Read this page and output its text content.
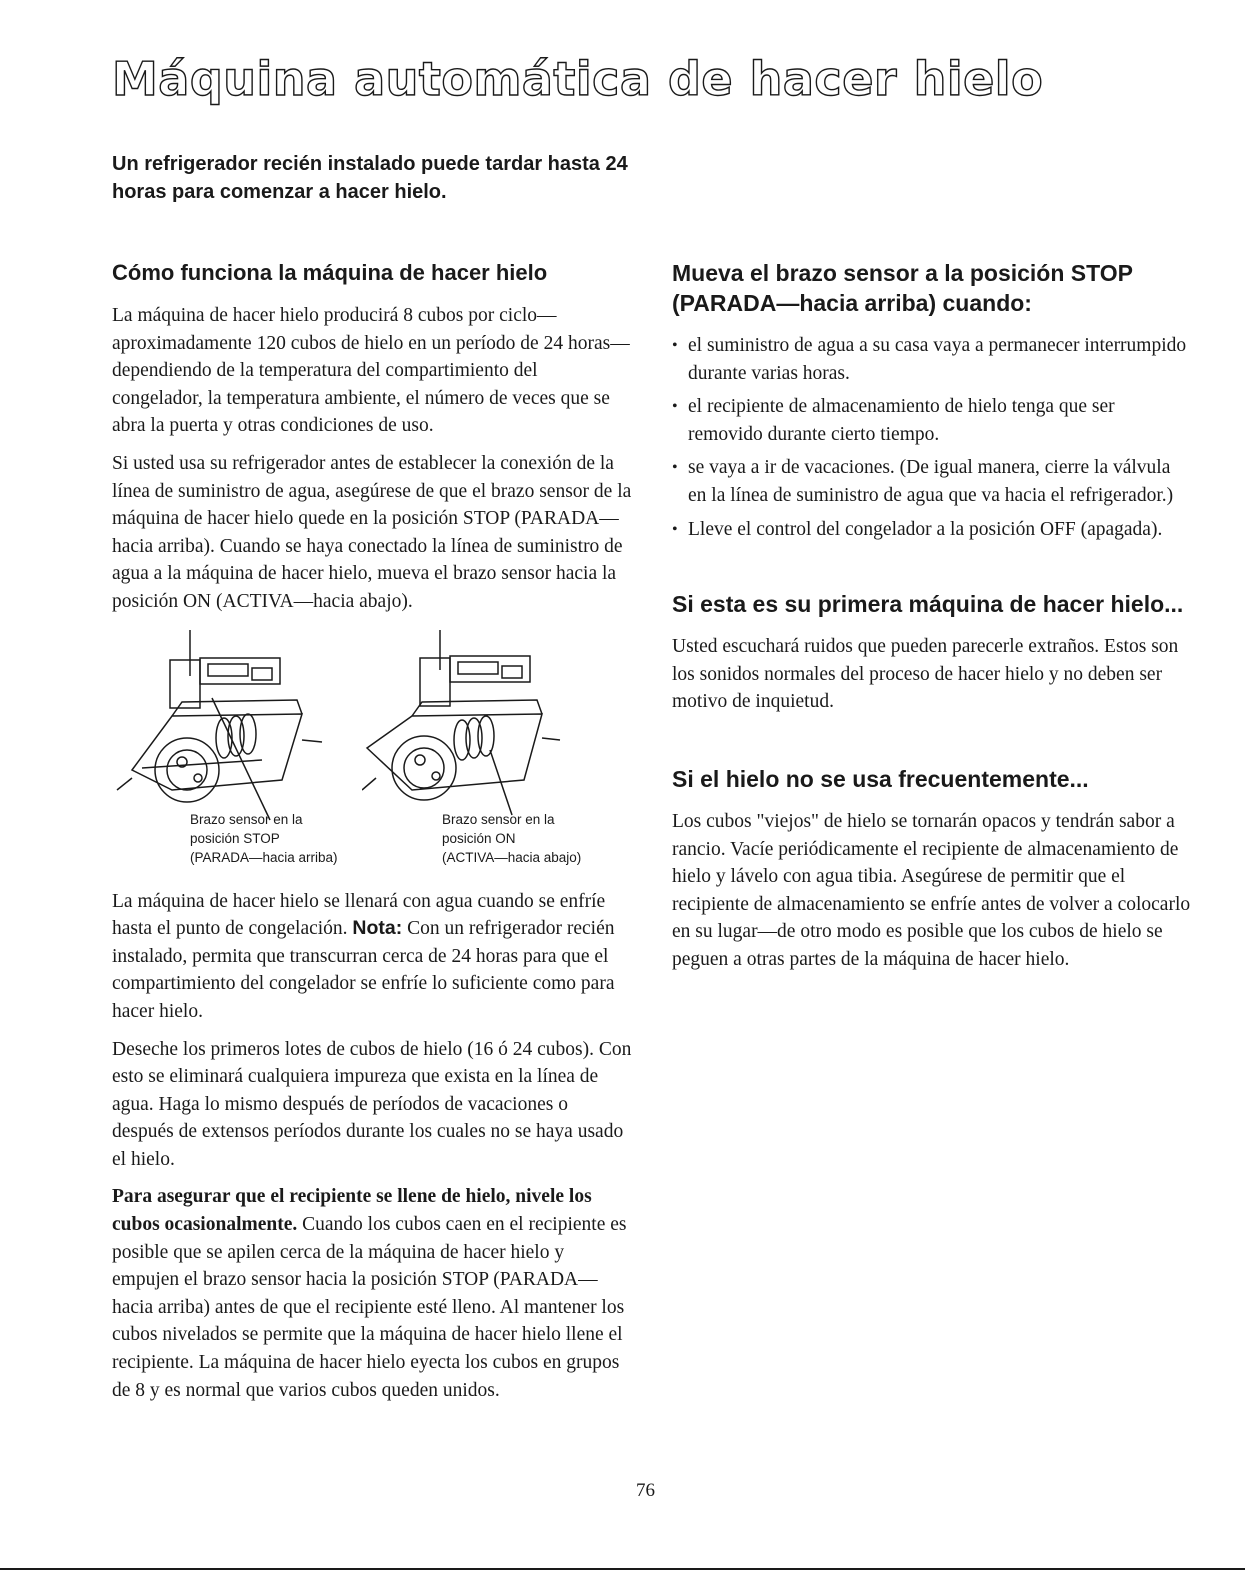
Máquina automática de hacer hielo

Un refrigerador recién instalado puede tardar hasta 24 horas para comenzar a hacer hielo.

Cómo funciona la máquina de hacer hielo

La máquina de hacer hielo producirá 8 cubos por ciclo—aproximadamente 120 cubos de hielo en un período de 24 horas—dependiendo de la temperatura del compartimiento del congelador, la temperatura ambiente, el número de veces que se abra la puerta y otras condiciones de uso.

Si usted usa su refrigerador antes de establecer la conexión de la línea de suministro de agua, asegúrese de que el brazo sensor de la máquina de hacer hielo quede en la posición STOP (PARADA—hacia arriba). Cuando se haya conectado la línea de suministro de agua a la máquina de hacer hielo, mueva el brazo sensor hacia la posición ON (ACTIVA—hacia abajo).

Brazo sensor en la
posición STOP
(PARADA—hacia arriba)
Brazo sensor en la
posición ON
(ACTIVA—hacia abajo)

La máquina de hacer hielo se llenará con agua cuando se enfríe hasta el punto de congelación. Nota: Con un refrigerador recién instalado, permita que transcurran cerca de 24 horas para que el compartimiento del congelador se enfríe lo suficiente como para hacer hielo.

Deseche los primeros lotes de cubos de hielo (16 ó 24 cubos). Con esto se eliminará cualquiera impureza que exista en la línea de agua. Haga lo mismo después de períodos de vacaciones o después de extensos períodos durante los cuales no se haya usado el hielo.

Para asegurar que el recipiente se llene de hielo, nivele los cubos ocasionalmente. Cuando los cubos caen en el recipiente es posible que se apilen cerca de la máquina de hacer hielo y empujen el brazo sensor hacia la posición STOP (PARADA—hacia arriba) antes de que el recipiente esté lleno. Al mantener los cubos nivelados se permite que la máquina de hacer hielo llene el recipiente. La máquina de hacer hielo eyecta los cubos en grupos de 8 y es normal que varios cubos queden unidos.

Mueva el brazo sensor a la posición STOP (PARADA—hacia arriba) cuando:
• el suministro de agua a su casa vaya a permanecer interrumpido durante varias horas.
• el recipiente de almacenamiento de hielo tenga que ser removido durante cierto tiempo.
• se vaya a ir de vacaciones. (De igual manera, cierre la válvula en la línea de suministro de agua que va hacia el refrigerador.)
• Lleve el control del congelador a la posición OFF (apagada).
Si esta es su primera máquina de hacer hielo...

Usted escuchará ruidos que pueden parecerle extraños. Estos son los sonidos normales del proceso de hacer hielo y no deben ser motivo de inquietud.

Si el hielo no se usa frecuentemente...

Los cubos "viejos" de hielo se tornarán opacos y tendrán sabor a rancio. Vacíe periódicamente el recipiente de almacenamiento de hielo y lávelo con agua tibia. Asegúrese de permitir que el recipiente de almacenamiento se enfríe antes de volver a colocarlo en su lugar—de otro modo es posible que los cubos de hielo se peguen a otras partes de la máquina de hacer hielo.

76
